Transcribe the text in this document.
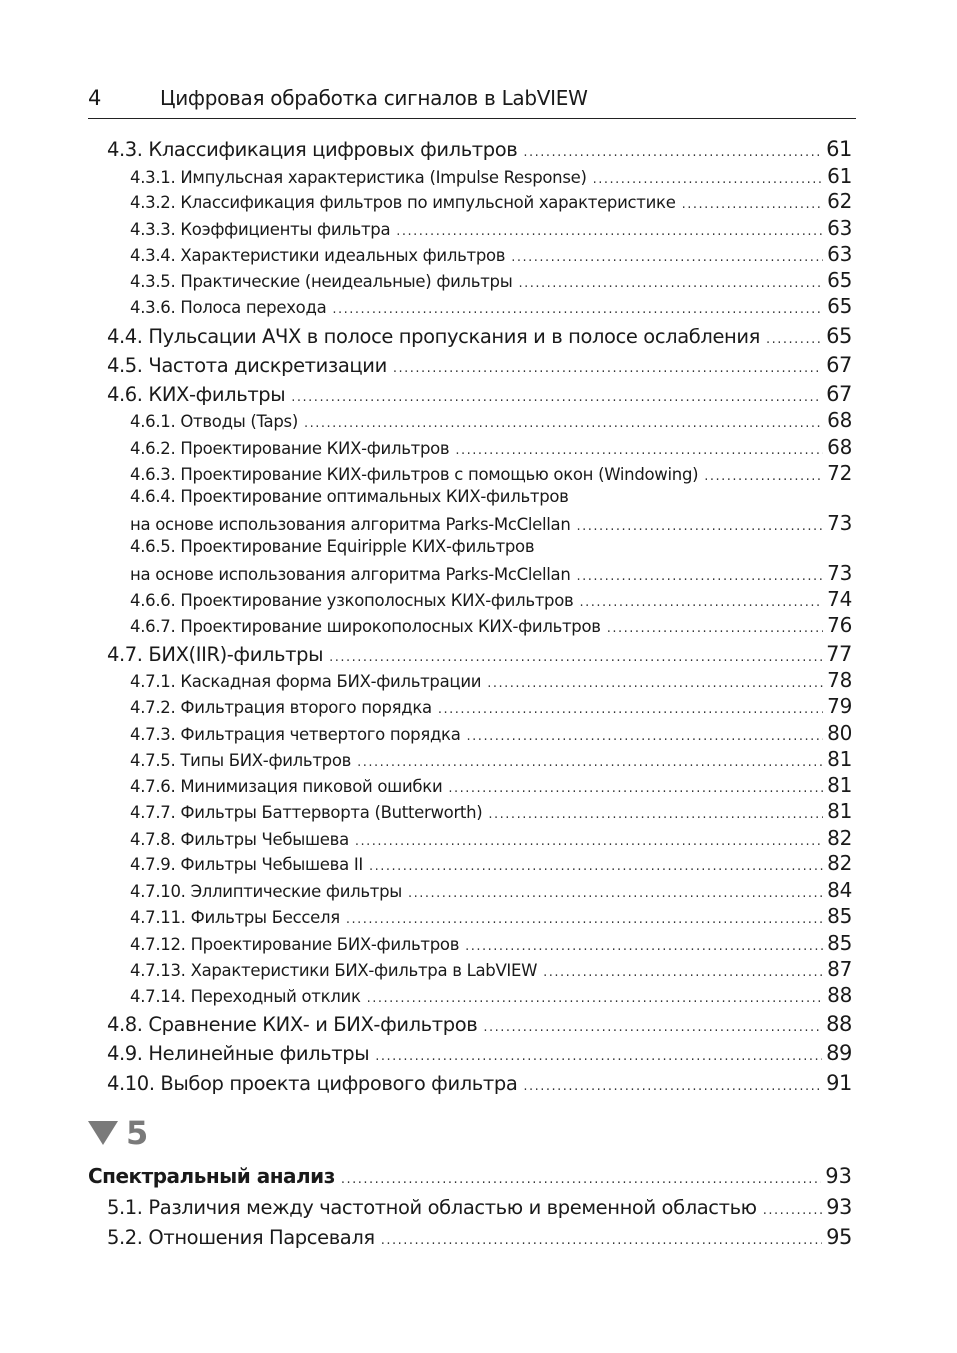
4	Цифровая обработка сигналов в LabVIEW
5
4.3. Классификация цифровых фильтров .....	61
4.3.1. Импульсная характеристика (Impulse Response) .....	61
4.3.2. Классификация фильтров по импульсной характеристике .....	62
4.3.3. Коэффициенты фильтра .....	63
4.3.4. Характеристики идеальных фильтров .....	63
4.3.5. Практические (неидеальные) фильтры .....	65
4.3.6. Полоса перехода .....	65
4.4. Пульсации АЧХ в полосе пропускания и в полосе ослабления .....	65
4.5. Частота дискретизации .....	67
4.6. КИХ-фильтры .....	67
4.6.1. Отводы (Taps) .....	68
4.6.2. Проектирование КИХ-фильтров .....	68
4.6.3. Проектирование КИХ-фильтров с помощью окон (Windowing) .....	72
4.6.4. Проектирование оптимальных КИХ-фильтров
на основе использования алгоритма Parks-McClellan .....	73
4.6.5. Проектирование Equiripple КИХ-фильтров
на основе использования алгоритма Parks-McClellan .....	73
4.6.6. Проектирование узкополосных КИХ-фильтров .....	74
4.6.7. Проектирование широкополосных КИХ-фильтров .....	76
4.7. БИХ(IIR)-фильтры .....	77
4.7.1. Каскадная форма БИХ-фильтрации .....	78
4.7.2. Фильтрация второго порядка .....	79
4.7.3. Фильтрация четвертого порядка .....	80
4.7.5. Типы БИХ-фильтров .....	81
4.7.6. Минимизация пиковой ошибки .....	81
4.7.7. Фильтры Баттерворта (Butterworth) .....	81
4.7.8. Фильтры Чебышева .....	82
4.7.9. Фильтры Чебышева II .....	82
4.7.10. Эллиптические фильтры .....	84
4.7.11. Фильтры Бесселя .....	85
4.7.12. Проектирование БИХ-фильтров .....	85
4.7.13. Характеристики БИХ-фильтра в LabVIEW .....	87
4.7.14. Переходный отклик .....	88
4.8. Сравнение КИХ- и БИХ-фильтров .....	88
4.9. Нелинейные фильтры .....	89
4.10. Выбор проекта цифрового фильтра .....	91
Спектральный анализ .....	93
5.1. Различия между частотной областью и временной областью .....	93
5.2. Отношения Парсеваля .....	95
